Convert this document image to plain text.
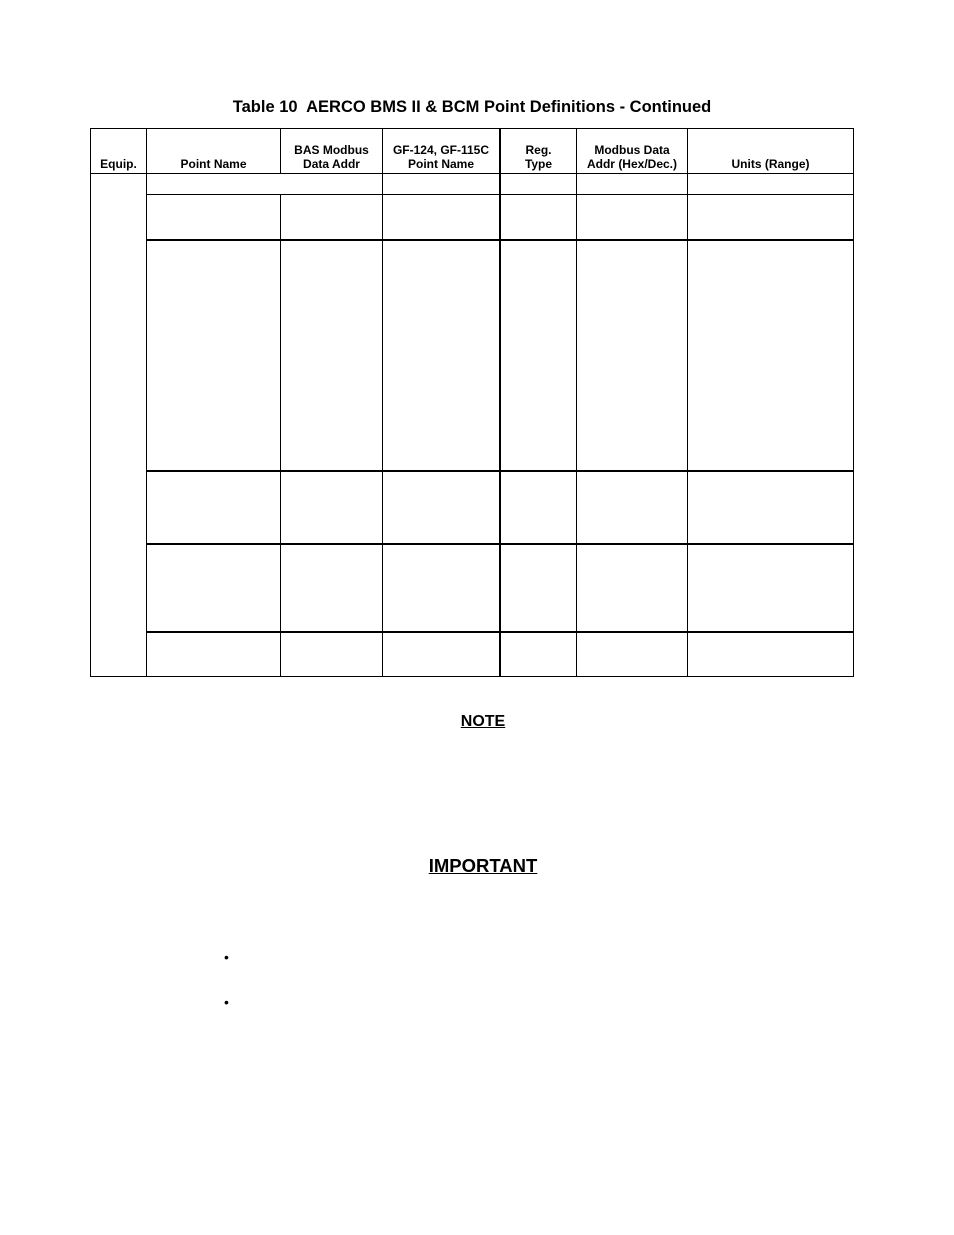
Table 10  AERCO BMS II & BCM Point Definitions - Continued
Equip.	Point Name
BAS Modbus
Data Addr
GF-124, GF-115C
Point Name
Reg.
Type
Modbus Data
Addr (Hex/Dec.)	Units (Range)
NOTE
IMPORTANT
•
•
